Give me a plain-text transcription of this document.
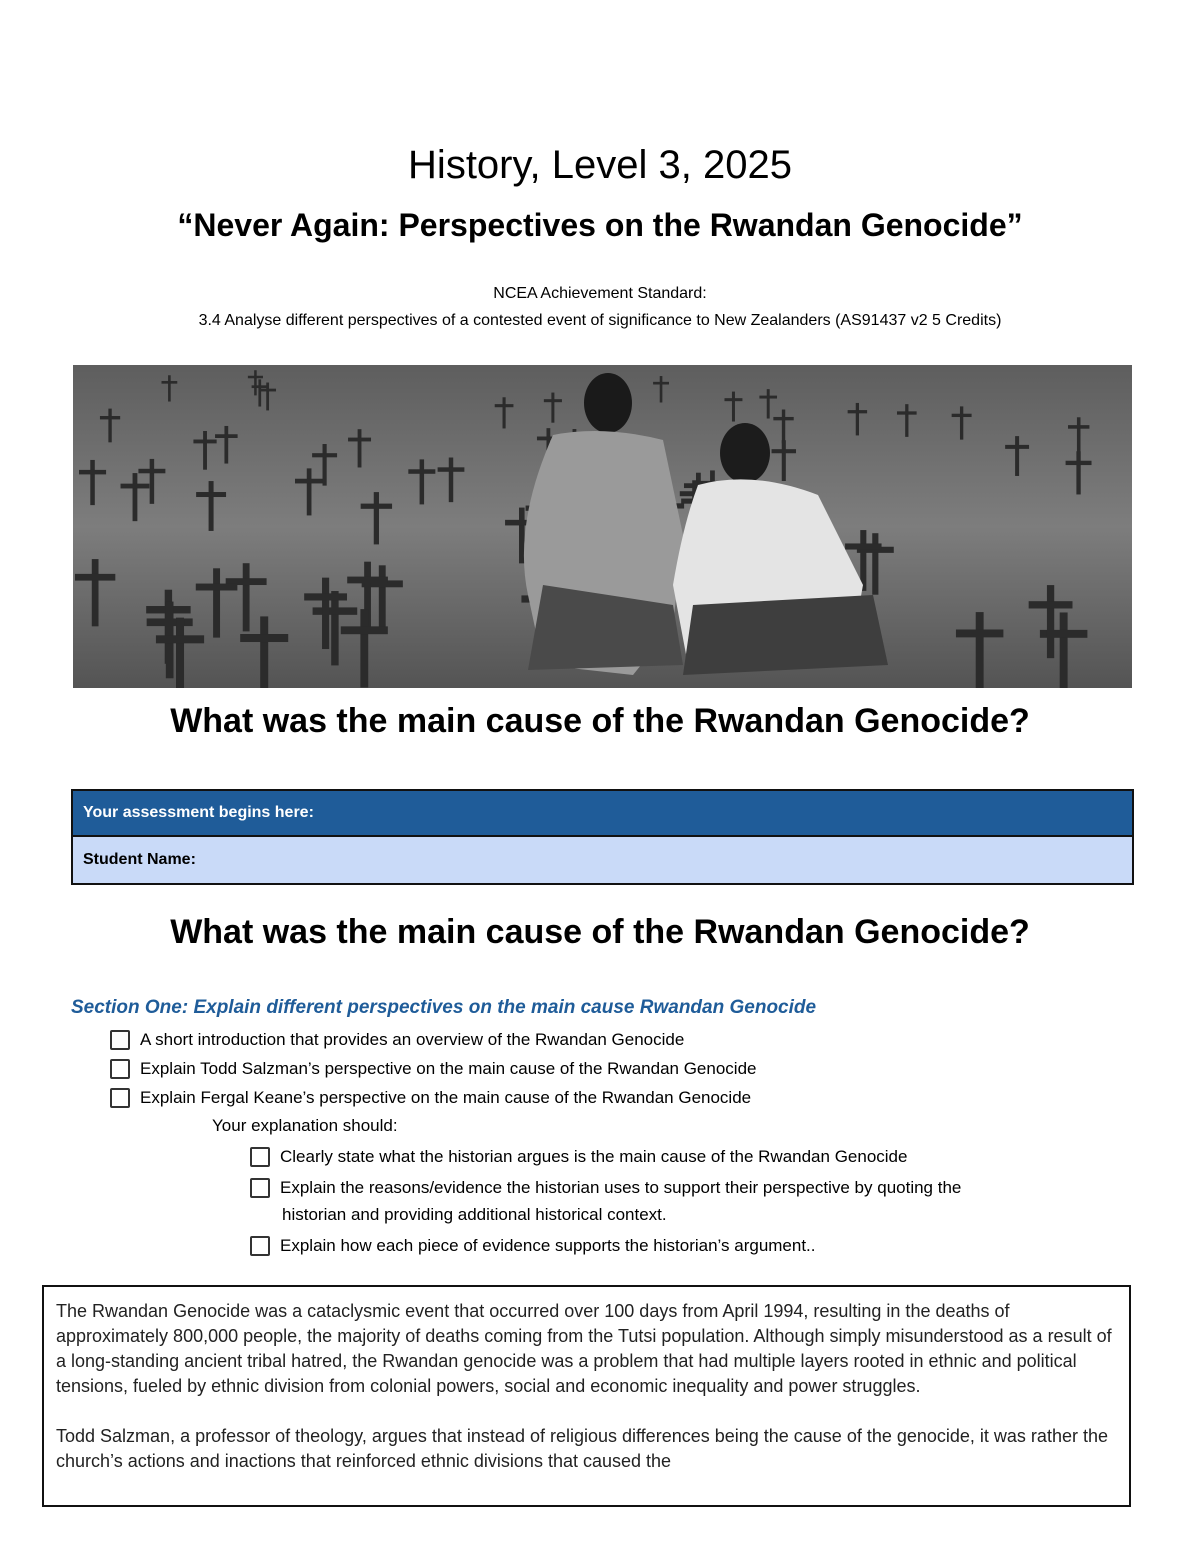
History, Level 3, 2025
“Never Again: Perspectives on the Rwandan Genocide”
NCEA Achievement Standard:
3.4 Analyse different perspectives of a contested event of significance to New Zealanders (AS91437 v2 5 Credits)
What was the main cause of the Rwandan Genocide?
Your assessment begins here:
Student Name:
What was the main cause of the Rwandan Genocide?
Section One: Explain different perspectives on the main cause Rwandan Genocide
A short introduction that provides an overview of the Rwandan Genocide
Explain Todd Salzman’s perspective on the main cause of the Rwandan Genocide
Explain Fergal Keane’s perspective on the main cause of the Rwandan Genocide
Your explanation should:
Clearly state what the historian argues is the main cause of the Rwandan Genocide
Explain the reasons/evidence the historian uses to support their perspective by quoting the
historian and providing additional historical context.
Explain how each piece of evidence supports the historian’s argument..

The Rwandan Genocide was a cataclysmic event that occurred over 100 days from April 1994, resulting in the deaths of approximately 800,000 people, the majority of deaths coming from the Tutsi population. Although simply misunderstood as a result of a long-standing ancient tribal hatred, the Rwandan genocide was a problem that had multiple layers rooted in ethnic and political tensions, fueled by ethnic division from colonial powers, social and economic inequality and power struggles.

Todd Salzman, a professor of theology, argues that instead of religious differences being the cause of the genocide, it was rather the church’s actions and inactions that reinforced ethnic divisions that caused the
